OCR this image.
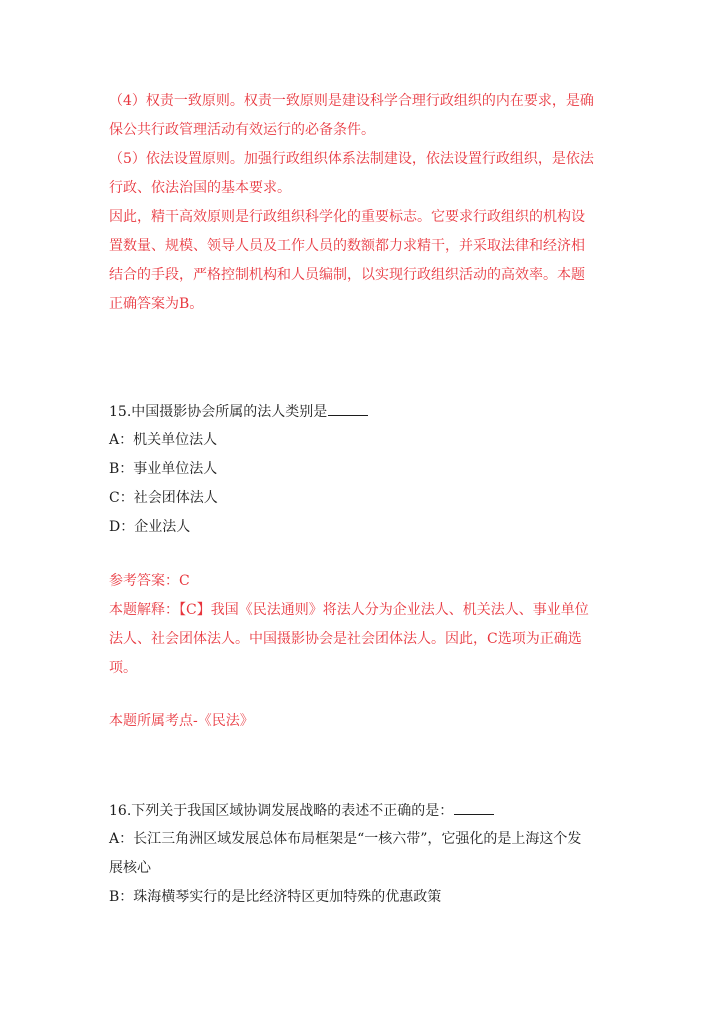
（4）权责一致原则。权责一致原则是建设科学合理行政组织的内在要求，是确
保公共行政管理活动有效运行的必备条件。
（5）依法设置原则。加强行政组织体系法制建设，依法设置行政组织，是依法
行政、依法治国的基本要求。
因此，精干高效原则是行政组织科学化的重要标志。它要求行政组织的机构设
置数量、规模、领导人员及工作人员的数额都力求精干，并采取法律和经济相
结合的手段，严格控制机构和人员编制，以实现行政组织活动的高效率。本题
正确答案为B。
15.中国摄影协会所属的法人类别是
A：机关单位法人
B：事业单位法人
C：社会团体法人
D：企业法人
参考答案：C
本题解释：【C】我国《民法通则》将法人分为企业法人、机关法人、事业单位
法人、社会团体法人。中国摄影协会是社会团体法人。因此，C选项为正确选
项。
本题所属考点-《民法》
16.下列关于我国区域协调发展战略的表述不正确的是：
A：长江三角洲区域发展总体布局框架是“一核六带”，它强化的是上海这个发
展核心
B：珠海横琴实行的是比经济特区更加特殊的优惠政策
